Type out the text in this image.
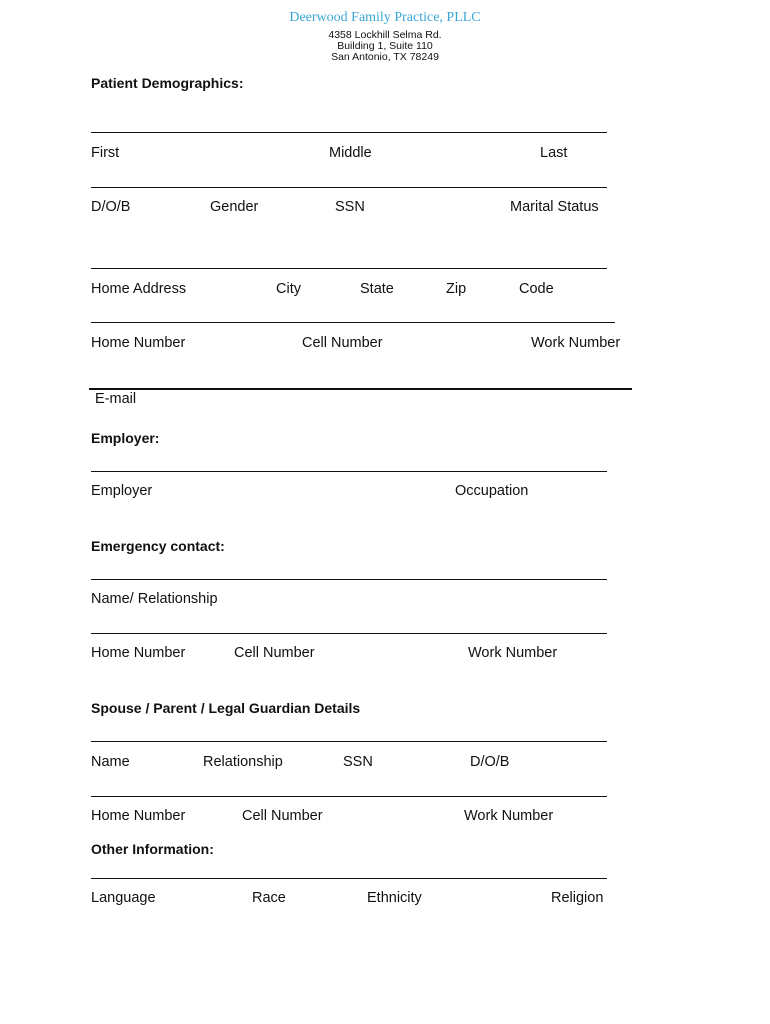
Deerwood Family Practice, PLLC
4358 Lockhill Selma Rd.
Building 1, Suite 110
San Antonio, TX 78249
Patient Demographics:
First	Middle	Last
D/O/B	Gender	SSN	Marital Status
Home Address	City	State	Zip	Code
Home Number	Cell Number	Work Number
E-mail
Employer:
Employer	Occupation
Emergency contact:
Name/ Relationship
Home Number	Cell Number	Work Number
Spouse / Parent / Legal Guardian Details
Name	Relationship	SSN	D/O/B
Home Number	Cell Number	Work Number
Other Information:
Language	Race	Ethnicity	Religion
